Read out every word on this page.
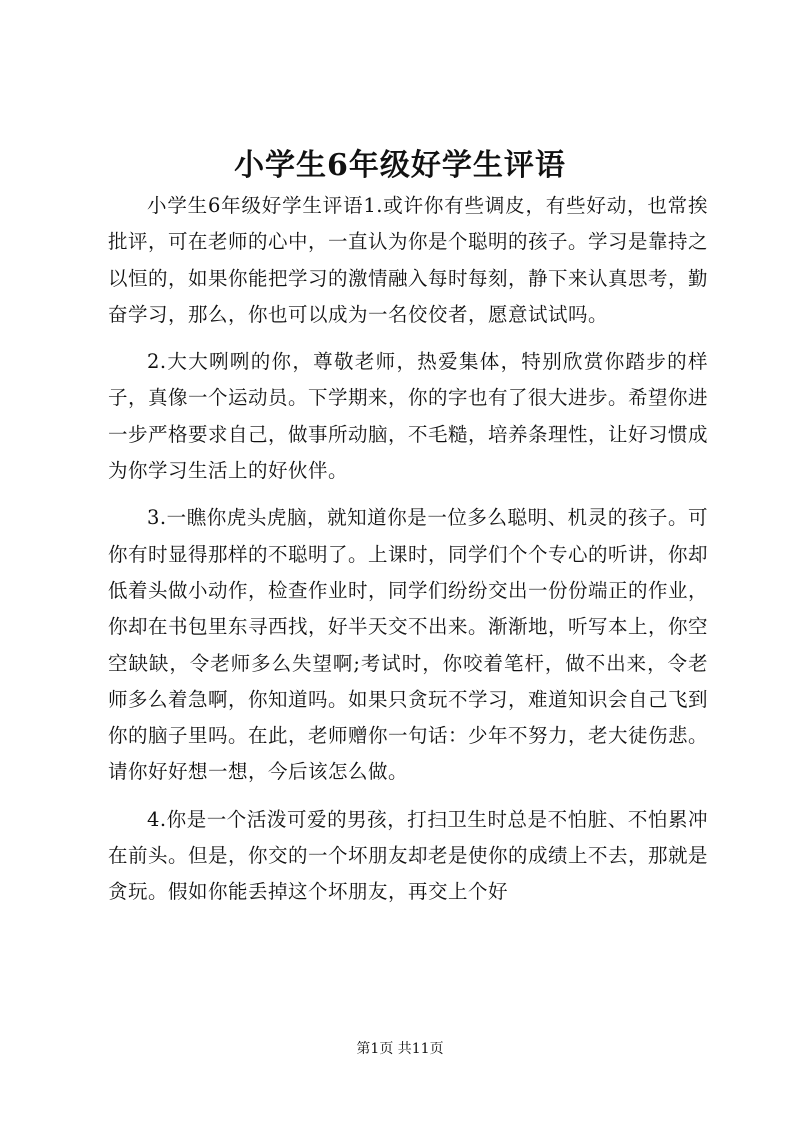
小学生6年级好学生评语

小学生6年级好学生评语1.或许你有些调皮，有些好动，也常挨批评，可在老师的心中，一直认为你是个聪明的孩子。学习是靠持之以恒的，如果你能把学习的激情融入每时每刻，静下来认真思考，勤奋学习，那么，你也可以成为一名佼佼者，愿意试试吗。

2.大大咧咧的你，尊敬老师，热爱集体，特别欣赏你踏步的样子，真像一个运动员。下学期来，你的字也有了很大进步。希望你进一步严格要求自己，做事所动脑，不毛糙，培养条理性，让好习惯成为你学习生活上的好伙伴。

3.一瞧你虎头虎脑，就知道你是一位多么聪明、机灵的孩子。可你有时显得那样的不聪明了。上课时，同学们个个专心的听讲，你却低着头做小动作，检查作业时，同学们纷纷交出一份份端正的作业，你却在书包里东寻西找，好半天交不出来。渐渐地，听写本上，你空空缺缺，令老师多么失望啊;考试时，你咬着笔杆，做不出来，令老师多么着急啊，你知道吗。如果只贪玩不学习，难道知识会自己飞到你的脑子里吗。在此，老师赠你一句话：少年不努力，老大徒伤悲。请你好好想一想，今后该怎么做。

4.你是一个活泼可爱的男孩，打扫卫生时总是不怕脏、不怕累冲在前头。但是，你交的一个坏朋友却老是使你的成绩上不去，那就是贪玩。假如你能丢掉这个坏朋友，再交上个好

第1页 共11页
